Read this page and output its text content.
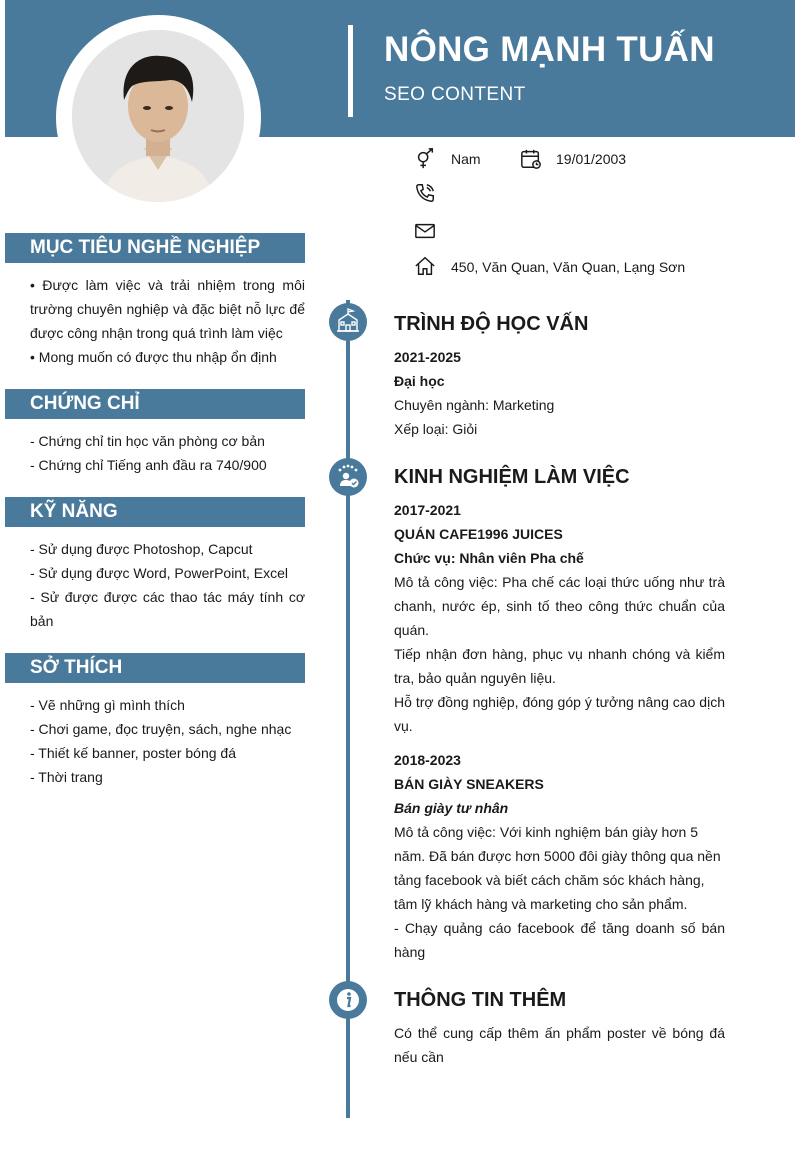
NÔNG MẠNH TUẤN
SEO CONTENT
Nam	19/01/2003
450, Văn Quan, Văn Quan, Lạng Sơn
MỤC TIÊU NGHỀ NGHIỆP

• Được làm việc và trải nhiệm trong môi trường chuyên nghiệp và đặc biệt nỗ lực để được công nhận trong quá trình làm việc

• Mong muốn có được thu nhập ổn định

CHỨNG CHỈ

- Chứng chỉ tin học văn phòng cơ bản

- Chứng chỉ Tiếng anh đầu ra 740/900

KỸ NĂNG

- Sử dụng được Photoshop, Capcut

- Sử dụng được Word, PowerPoint, Excel

- Sử được được các thao tác máy tính cơ bản

SỞ THÍCH

- Vẽ những gì mình thích

- Chơi game, đọc truyện, sách, nghe nhạc

- Thiết kế banner, poster bóng đá

- Thời trang

TRÌNH ĐỘ HỌC VẤN

2021-2025

Đại học

Chuyên ngành: Marketing

Xếp loại: Giỏi

KINH NGHIỆM LÀM VIỆC

2017-2021

QUÁN CAFE1996 JUICES

Chức vụ: Nhân viên Pha chế

Mô tả công việc: Pha chế các loại thức uống như trà chanh, nước ép, sinh tố theo công thức chuẩn của quán.

Tiếp nhận đơn hàng, phục vụ nhanh chóng và kiểm tra, bảo quản nguyên liệu.

Hỗ trợ đồng nghiệp, đóng góp ý tưởng nâng cao dịch vụ.

2018-2023

BÁN GIÀY SNEAKERS

Bán giày tư nhân

Mô tả công việc: Với kinh nghiệm bán giày hơn 5 năm. Đã bán được hơn 5000 đôi giày thông qua nền tảng facebook và biết cách chăm sóc khách hàng, tâm lỹ khách hàng và marketing cho sản phẩm.

- Chạy quảng cáo facebook để tăng doanh số bán hàng

THÔNG TIN THÊM

Có thể cung cấp thêm ấn phẩm poster về bóng đá nếu cần
